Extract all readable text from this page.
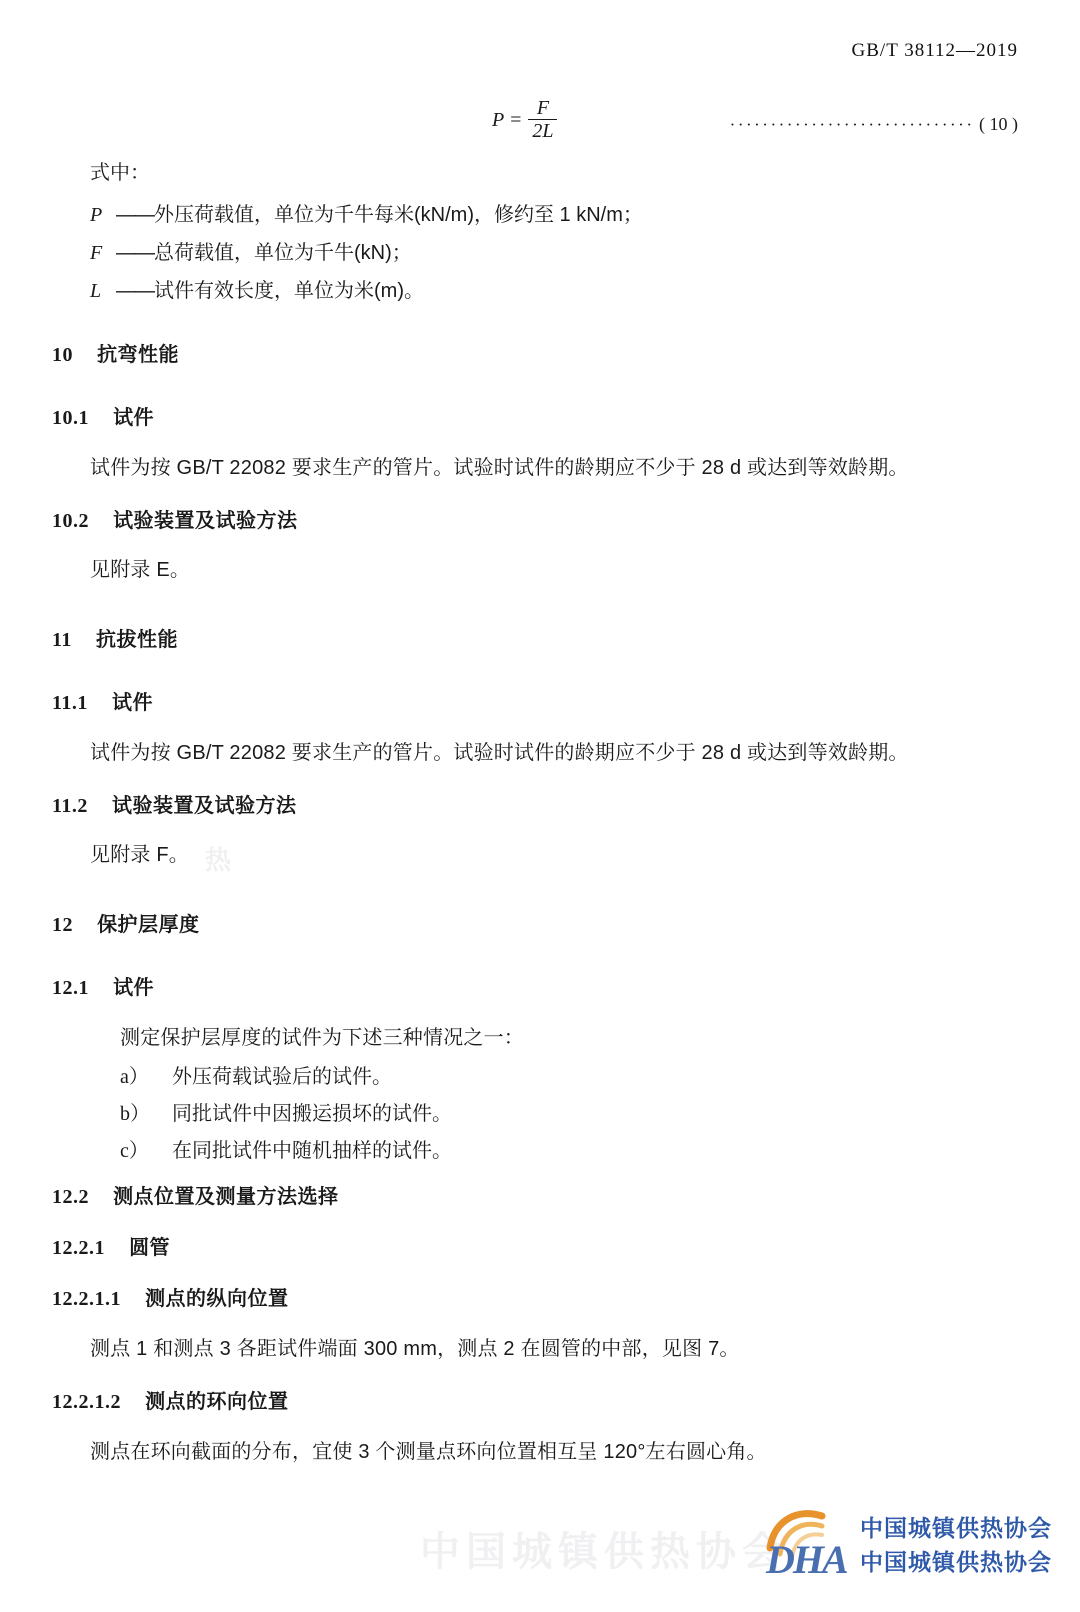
GB/T 38112—2019
$P = \frac{F}{2L}$	······························ ( 10 )
式中：
P ——外压荷载值，单位为千牛每米(kN/m)，修约至 1 kN/m；
F ——总荷载值，单位为千牛(kN)；
L ——试件有效长度，单位为米(m)。
10 抗弯性能
10.1 试件
试件为按 GB/T 22082 要求生产的管片。试验时试件的龄期应不少于 28 d 或达到等效龄期。
10.2 试验装置及试验方法
见附录 E。
11 抗拔性能
11.1 试件
试件为按 GB/T 22082 要求生产的管片。试验时试件的龄期应不少于 28 d 或达到等效龄期。
11.2 试验装置及试验方法
见附录 F。
12 保护层厚度
12.1 试件
测定保护层厚度的试件为下述三种情况之一：
a） 外压荷载试验后的试件。
b） 同批试件中因搬运损坏的试件。
c） 在同批试件中随机抽样的试件。
12.2 测点位置及测量方法选择
12.2.1 圆管
12.2.1.1 测点的纵向位置
测点 1 和测点 3 各距试件端面 300 mm，测点 2 在圆管的中部，见图 7。
12.2.1.2 测点的环向位置
测点在环向截面的分布，宜使 3 个测量点环向位置相互呈 120°左右圆心角。
热
中国城镇供热协会
DHA
中国城镇供热协会
中国城镇供热协会
